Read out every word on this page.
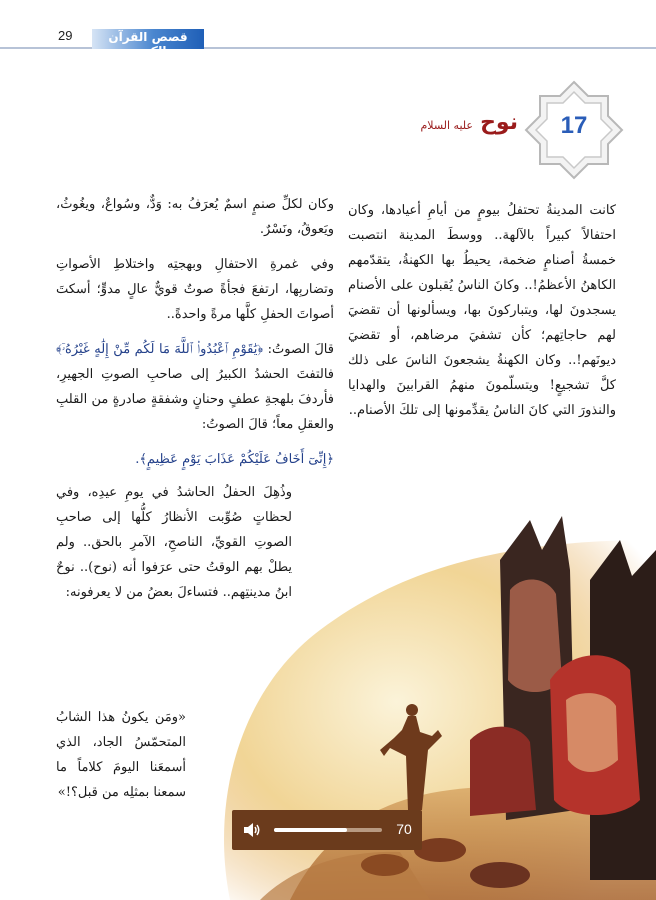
29	قصص القرآن الكريم
17
نوح عليه السلام

كانت المدينةُ تحتفلُ بيومٍ من أيامِ أعيادها، وكان احتفالاً كبيراً بالآلهة.. ووسطَ المدينة انتصبت خمسةُ أصنامٍ ضخمة، يحيطُ بها الكهنةُ، يتقدّمهم الكاهنُ الأعظمُ!.. وكانَ الناسُ يُقبلون على الأصنام يسجدونَ لها، ويتباركونَ بها، ويسألونها أن تقضيَ لهم حاجاتِهم؛ كأن تشفيَ مرضاهم، أو تقضيَ ديونَهم!.. وكان الكهنةُ يشجعونَ الناسَ على ذلك كلَّ تشجيعٍ! ويتسلّمونَ منهمُ القرابينَ والهدايا والنذورَ التي كانَ الناسُ يقدِّمونها إلى تلكَ الأصنام..

وكان لكلِّ صنمٍ اسمٌ يُعرَفُ به: وَدٌّ، وسُواعٌ، ويغُوثُ، ويَعوقُ، ونَسْرٌ.

وفي غمرةِ الاحتفالِ وبهجتِه واختلاطِ الأصواتِ وتضاربِها، ارتفعَ فجأةً صوتٌ قويٌّ عالٍ مدوٍّ؛ أسكتَ أصواتَ الحفلِ كلَّها مرةً واحدةً..

قالَ الصوتُ: ﴿يَٰقَوْمِ ٱعْبُدُوا۟ ٱللَّهَ مَا لَكُم مِّنْ إِلَٰهٍ غَيْرُهُۥٓ﴾ فالتفتَ الحشدُ الكبيرُ إلى صاحبِ الصوتِ الجهيرِ، فأردفَ بلهجةِ عطفٍ وحنانٍ وشفقةٍ صادرةٍ من القلبِ والعقلِ معاً؛ قالَ الصوتُ:

﴿إِنِّىٓ أَخَافُ عَلَيْكُمْ عَذَابَ يَوْمٍ عَظِيمٍ﴾.

وذُهِلَ الحفلُ الحاشدُ في يومِ عيدِه، وفي لحظاتٍ صُوِّبت الأنظارُ كلُّها إلى صاحبِ الصوتِ القويِّ، الناصحِ، الآمرِ بالحق.. ولم يطلْ بهم الوقتُ حتى عرَفوا أنه (نوح).. نوحٌ ابنُ مدينتِهم.. فتساءلَ بعضُ من لا يعرفونه:

«ومَن يكونُ هذا الشابُ المتحمّسُ الجاد، الذي أسمعَنا اليومَ كلاماً ما سمعنا بمثلِه من قبل؟!»
70
